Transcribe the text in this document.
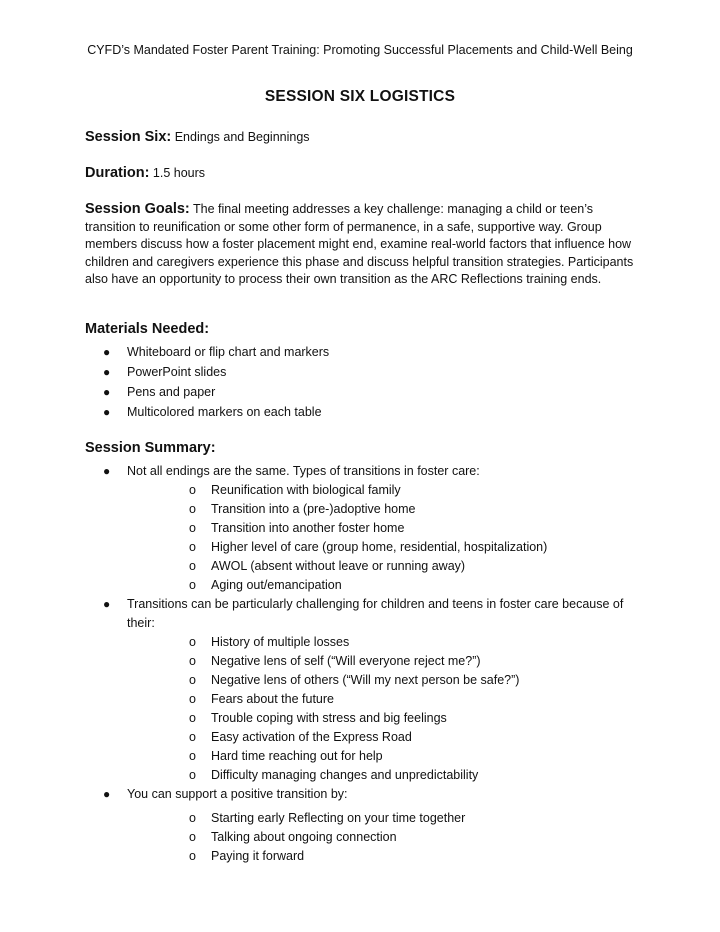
CYFD’s Mandated Foster Parent Training: Promoting Successful Placements and Child-Well Being
SESSION SIX LOGISTICS
Session Six: Endings and Beginnings
Duration: 1.5 hours
Session Goals: The final meeting addresses a key challenge: managing a child or teen’s transition to reunification or some other form of permanence, in a safe, supportive way. Group members discuss how a foster placement might end, examine real-world factors that influence how children and caregivers experience this phase and discuss helpful transition strategies. Participants also have an opportunity to process their own transition as the ARC Reflections training ends.
Materials Needed:
● Whiteboard or flip chart and markers
● PowerPoint slides
● Pens and paper
● Multicolored markers on each table
Session Summary:
● Not all endings are the same. Types of transitions in foster care:
o Reunification with biological family
o Transition into a (pre-)adoptive home
o Transition into another foster home
o Higher level of care (group home, residential, hospitalization)
o AWOL (absent without leave or running away)
o Aging out/emancipation
● Transitions can be particularly challenging for children and teens in foster care because of their:
o History of multiple losses
o Negative lens of self (“Will everyone reject me?”)
o Negative lens of others (“Will my next person be safe?”)
o Fears about the future
o Trouble coping with stress and big feelings
o Easy activation of the Express Road
o Hard time reaching out for help
o Difficulty managing changes and unpredictability
● You can support a positive transition by:
o Starting early Reflecting on your time together
o Talking about ongoing connection
o Paying it forward
